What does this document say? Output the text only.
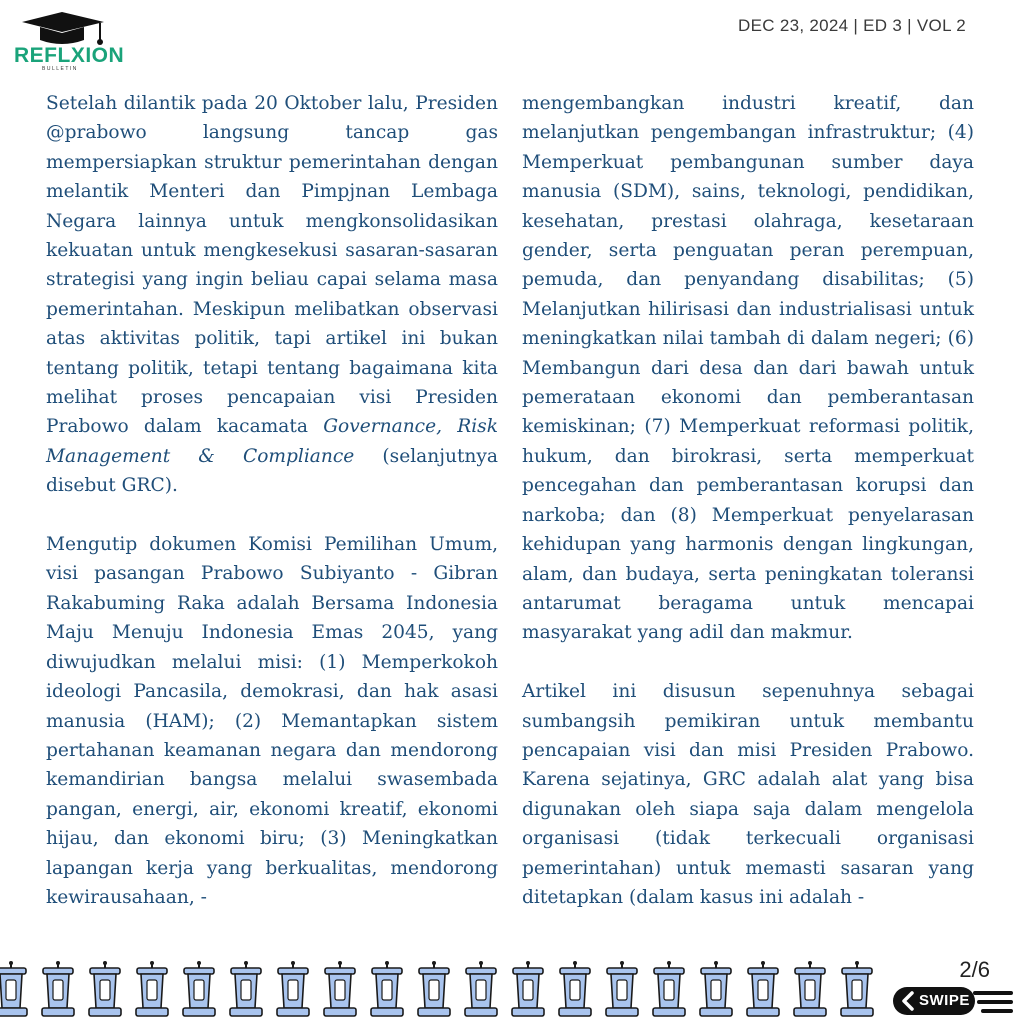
REFLXION
BULLETIN
DEC 23, 2024 | ED 3 | VOL 2

Setelah dilantik pada 20 Oktober lalu, Presiden @prabowo langsung tancap gas mempersiapkan struktur pemerintahan dengan melantik Menteri dan Pimpjnan Lembaga Negara lainnya untuk mengkonsolidasikan kekuatan untuk mengkesekusi sasaran-sasaran strategisi yang ingin beliau capai selama masa pemerintahan. Meskipun melibatkan observasi atas aktivitas politik, tapi artikel ini bukan tentang politik, tetapi tentang bagaimana kita melihat proses pencapaian visi Presiden Prabowo dalam kacamata Governance, Risk Management & Compliance (selanjutnya disebut GRC).

Mengutip dokumen Komisi Pemilihan Umum, visi pasangan Prabowo Subiyanto - Gibran Rakabuming Raka adalah Bersama Indonesia Maju Menuju Indonesia Emas 2045, yang diwujudkan melalui misi: (1) Memperkokoh ideologi Pancasila, demokrasi, dan hak asasi manusia (HAM); (2) Memantapkan sistem pertahanan keamanan negara dan mendorong kemandirian bangsa melalui swasembada pangan, energi, air, ekonomi kreatif, ekonomi hijau, dan ekonomi biru; (3) Meningkatkan lapangan kerja yang berkualitas, mendorong kewirausahaan, -

mengembangkan industri kreatif, dan melanjutkan pengembangan infrastruktur; (4) Memperkuat pembangunan sumber daya manusia (SDM), sains, teknologi, pendidikan, kesehatan, prestasi olahraga, kesetaraan gender, serta penguatan peran perempuan, pemuda, dan penyandang disabilitas; (5) Melanjutkan hilirisasi dan industrialisasi untuk meningkatkan nilai tambah di dalam negeri; (6) Membangun dari desa dan dari bawah untuk pemerataan ekonomi dan pemberantasan kemiskinan; (7) Memperkuat reformasi politik, hukum, dan birokrasi, serta memperkuat pencegahan dan pemberantasan korupsi dan narkoba; dan (8) Memperkuat penyelarasan kehidupan yang harmonis dengan lingkungan, alam, dan budaya, serta peningkatan toleransi antarumat beragama untuk mencapai masyarakat yang adil dan makmur.

Artikel ini disusun sepenuhnya sebagai sumbangsih pemikiran untuk membantu pencapaian visi dan misi Presiden Prabowo. Karena sejatinya, GRC adalah alat yang bisa digunakan oleh siapa saja dalam mengelola organisasi (tidak terkecuali organisasi pemerintahan) untuk memasti sasaran yang ditetapkan (dalam kasus ini adalah -

2/6
SWIPE
